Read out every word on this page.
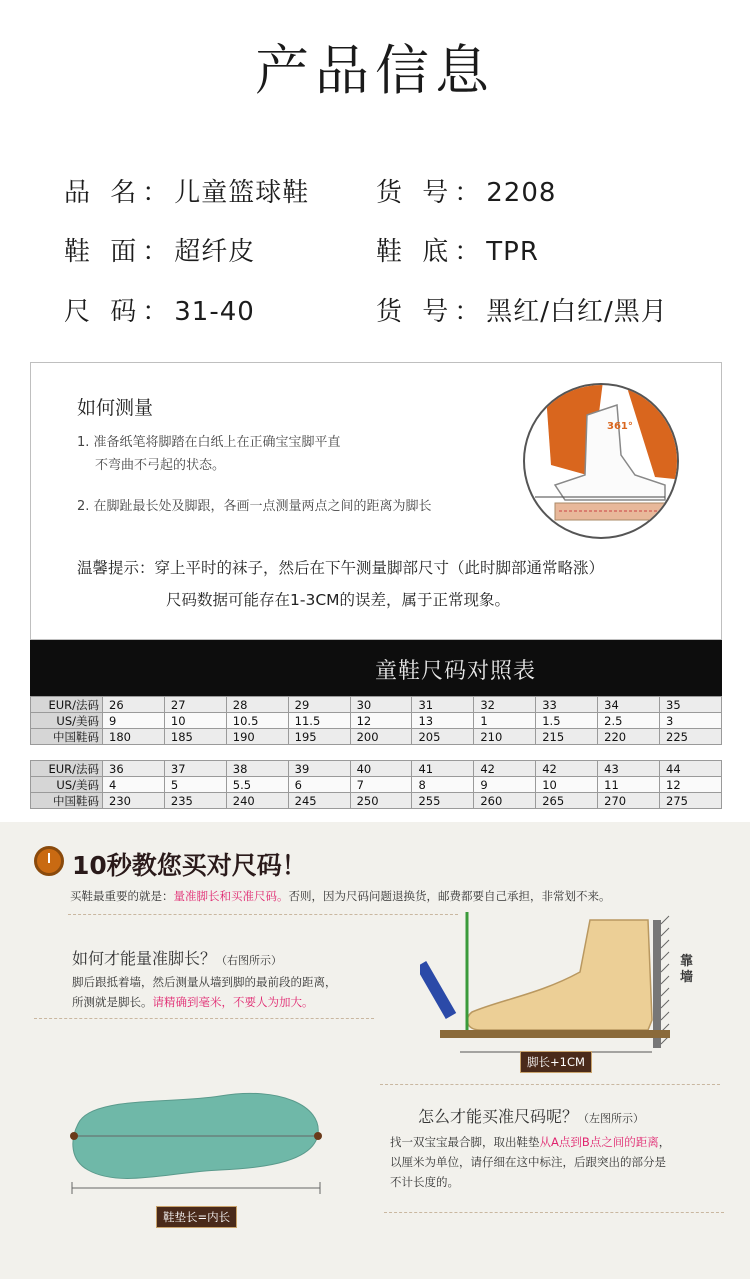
产品信息
品 名：儿童篮球鞋	货 号：2208
鞋 面：超纤皮	鞋 底：TPR
尺 码：31-40	货 号：黑红/白红/黑月
如何测量
1. 准备纸笔将脚踏在白纸上在正确宝宝脚平直
不弯曲不弓起的状态。
2. 在脚趾最长处及脚跟，各画一点测量两点之间的距离为脚长
温馨提示：穿上平时的袜子，然后在下午测量脚部尺寸（此时脚部通常略涨）
尺码数据可能存在1-3CM的误差，属于正常现象。
361°
童鞋尺码对照表
EUR/法码	26	27	28	29	30	31	32	33	34	35
US/美码	9	10	10.5	11.5	12	13	1	1.5	2.5	3
中国鞋码	180	185	190	195	200	205	210	215	220	225
EUR/法码	36	37	38	39	40	41	42	42	43	44
US/美码	4	5	5.5	6	7	8	9	10	11	12
中国鞋码	230	235	240	245	250	255	260	265	270	275
10秒教您买对尺码！
买鞋最重要的就是：量准脚长和买准尺码。否则，因为尺码问题退换货，邮费都要自己承担，非常划不来。
如何才能量准脚长？（右图所示）
脚后跟抵着墙，然后测量从墙到脚的最前段的距离，
所测就是脚长。请精确到毫米，不要人为加大。
靠墙
脚长+1CM
怎么才能买准尺码呢？（左图所示）
找一双宝宝最合脚，取出鞋垫从A点到B点之间的距离，
以厘米为单位，请仔细在这中标注，后跟突出的部分是
不计长度的。
鞋垫长=内长
